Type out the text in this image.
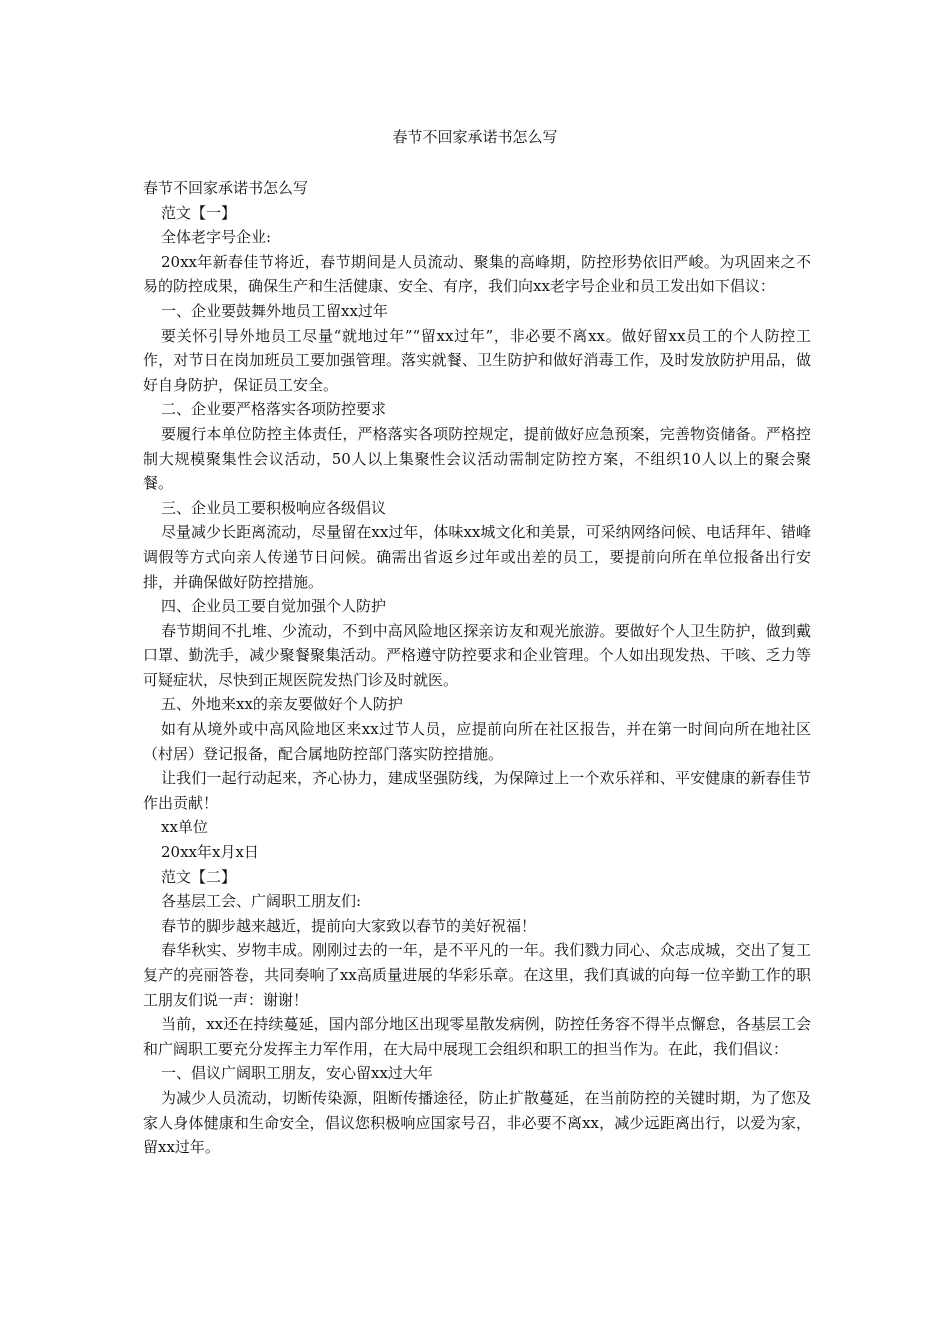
春节不回家承诺书怎么写

春节不回家承诺书怎么写

范文【一】

全体老字号企业:

20xx年新春佳节将近，春节期间是人员流动、聚集的高峰期，防控形势依旧严峻。为巩固来之不易的防控成果，确保生产和生活健康、安全、有序，我们向xx老字号企业和员工发出如下倡议：

一、企业要鼓舞外地员工留xx过年

要关怀引导外地员工尽量“就地过年”“留xx过年”，非必要不离xx。做好留xx员工的个人防控工作，对节日在岗加班员工要加强管理。落实就餐、卫生防护和做好消毒工作，及时发放防护用品，做好自身防护，保证员工安全。

二、企业要严格落实各项防控要求

要履行本单位防控主体责任，严格落实各项防控规定，提前做好应急预案，完善物资储备。严格控制大规模聚集性会议活动，50人以上集聚性会议活动需制定防控方案，不组织10人以上的聚会聚餐。

三、企业员工要积极响应各级倡议

尽量减少长距离流动，尽量留在xx过年，体味xx城文化和美景，可采纳网络问候、电话拜年、错峰调假等方式向亲人传递节日问候。确需出省返乡过年或出差的员工，要提前向所在单位报备出行安排，并确保做好防控措施。

四、企业员工要自觉加强个人防护

春节期间不扎堆、少流动，不到中高风险地区探亲访友和观光旅游。要做好个人卫生防护，做到戴口罩、勤洗手，减少聚餐聚集活动。严格遵守防控要求和企业管理。个人如出现发热、干咳、乏力等可疑症状，尽快到正规医院发热门诊及时就医。

五、外地来xx的亲友要做好个人防护

如有从境外或中高风险地区来xx过节人员，应提前向所在社区报告，并在第一时间向所在地社区（村居）登记报备，配合属地防控部门落实防控措施。

让我们一起行动起来，齐心协力，建成坚强防线，为保障过上一个欢乐祥和、平安健康的新春佳节作出贡献！

xx单位

20xx年x月x日

范文【二】

各基层工会、广阔职工朋友们:

春节的脚步越来越近，提前向大家致以春节的美好祝福！

春华秋实、岁物丰成。刚刚过去的一年，是不平凡的一年。我们戮力同心、众志成城，交出了复工复产的亮丽答卷，共同奏响了xx高质量进展的华彩乐章。在这里，我们真诚的向每一位辛勤工作的职工朋友们说一声：谢谢！

当前，xx还在持续蔓延，国内部分地区出现零星散发病例，防控任务容不得半点懈怠，各基层工会和广阔职工要充分发挥主力军作用，在大局中展现工会组织和职工的担当作为。在此，我们倡议：

一、倡议广阔职工朋友，安心留xx过大年

为减少人员流动，切断传染源，阻断传播途径，防止扩散蔓延，在当前防控的关键时期，为了您及家人身体健康和生命安全，倡议您积极响应国家号召，非必要不离xx，减少远距离出行，以爱为家，留xx过年。
